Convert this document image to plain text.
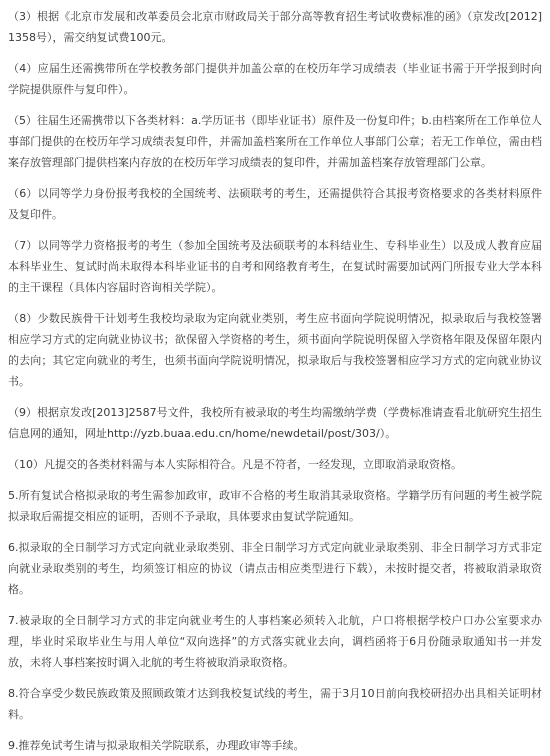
（3）根据《北京市发展和改革委员会北京市财政局关于部分高等教育招生考试收费标准的函》（京发改[2012]1358号），需交纳复试费100元。

（4）应届生还需携带所在学校教务部门提供并加盖公章的在校历年学习成绩表（毕业证书需于开学报到时向学院提供原件与复印件）。

（5）往届生还需携带以下各类材料：a.学历证书（即毕业证书）原件及一份复印件；b.由档案所在工作单位人事部门提供的在校历年学习成绩表复印件，并需加盖档案所在工作单位人事部门公章；若无工作单位，需由档案存放管理部门提供档案内存放的在校历年学习成绩表的复印件，并需加盖档案存放管理部门公章。

（6）以同等学力身份报考我校的全国统考、法硕联考的考生，还需提供符合其报考资格要求的各类材料原件及复印件。

（7）以同等学力资格报考的考生（参加全国统考及法硕联考的本科结业生、专科毕业生）以及成人教育应届本科毕业生、复试时尚未取得本科毕业证书的自考和网络教育考生，在复试时需要加试两门所报专业大学本科的主干课程（具体内容届时咨询相关学院）。

（8）少数民族骨干计划考生我校均录取为定向就业类别，考生应书面向学院说明情况，拟录取后与我校签署相应学习方式的定向就业协议书；欲保留入学资格的考生，须书面向学院说明保留入学资格年限及保留年限内的去向；其它定向就业的考生，也须书面向学院说明情况，拟录取后与我校签署相应学习方式的定向就业协议书。

（9）根据京发改[2013]2587号文件，我校所有被录取的考生均需缴纳学费（学费标准请查看北航研究生招生信息网的通知，网址http://yzb.buaa.edu.cn/home/newdetail/post/303/）。

（10）凡提交的各类材料需与本人实际相符合。凡是不符者，一经发现，立即取消录取资格。

5.所有复试合格拟录取的考生需参加政审，政审不合格的考生取消其录取资格。学籍学历有问题的考生被学院拟录取后需提交相应的证明，否则不予录取，具体要求由复试学院通知。

6.拟录取的全日制学习方式定向就业录取类别、非全日制学习方式定向就业录取类别、非全日制学习方式非定向就业录取类别的考生，均须签订相应的协议（请点击相应类型进行下载），未按时提交者，将被取消录取资格。

7.被录取的全日制学习方式的非定向就业考生的人事档案必须转入北航，户口将根据学校户口办公室要求办理，毕业时采取毕业生与用人单位“双向选择”的方式落实就业去向，调档函将于6月份随录取通知书一并发放，未将人事档案按时调入北航的考生将被取消录取资格。

8.符合享受少数民族政策及照顾政策才达到我校复试线的考生，需于3月10日前向我校研招办出具相关证明材料。

9.推荐免试考生请与拟录取相关学院联系，办理政审等手续。
